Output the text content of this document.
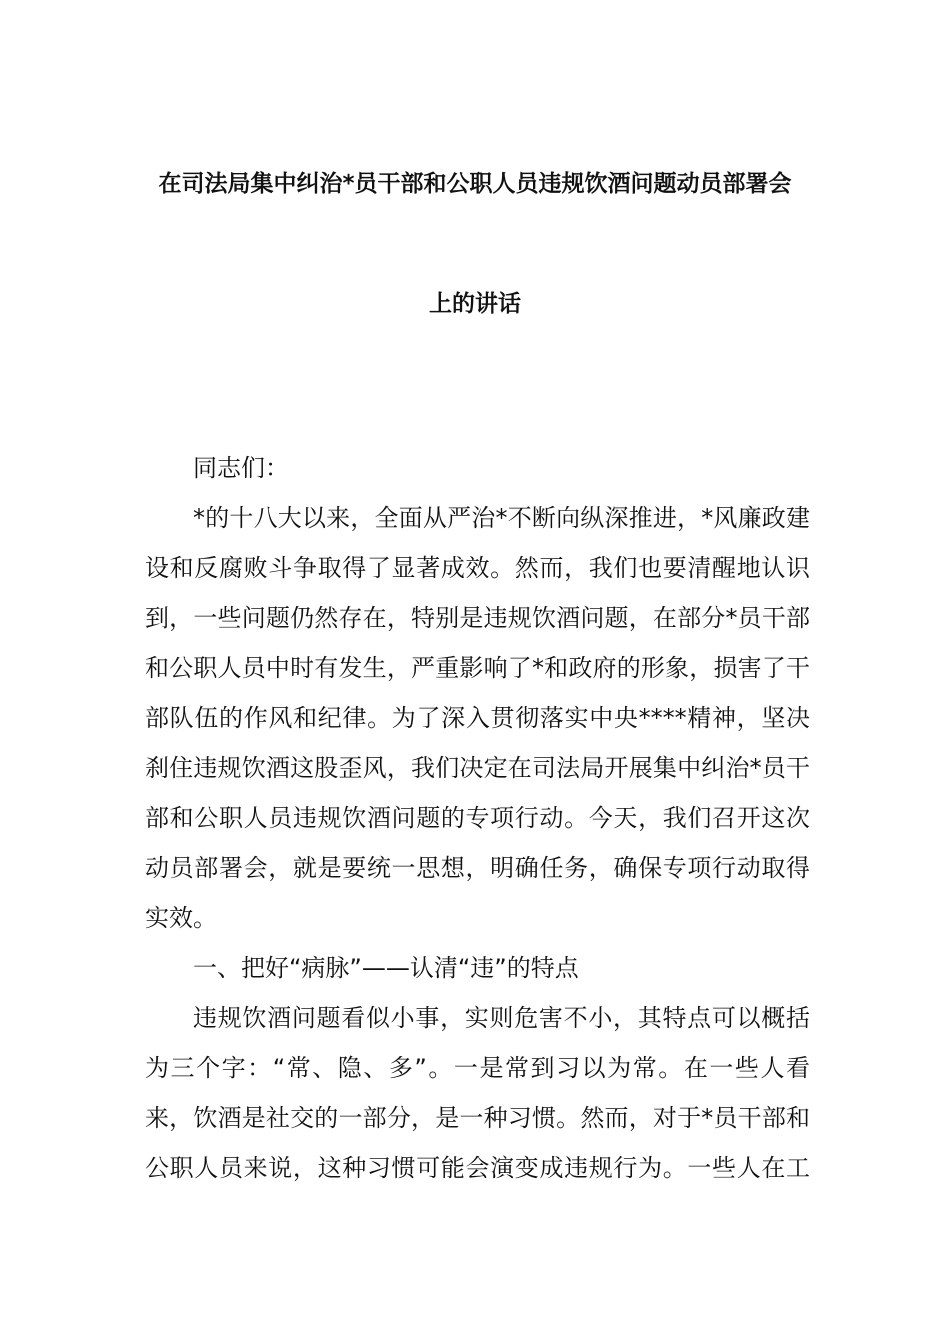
在司法局集中纠治*员干部和公职人员违规饮酒问题动员部署会
上的讲话
同志们：
*的十八大以来，全面从严治*不断向纵深推进，*风廉政建
设和反腐败斗争取得了显著成效。然而，我们也要清醒地认识
到，一些问题仍然存在，特别是违规饮酒问题，在部分*员干部
和公职人员中时有发生，严重影响了*和政府的形象，损害了干
部队伍的作风和纪律。为了深入贯彻落实中央****精神，坚决
刹住违规饮酒这股歪风，我们决定在司法局开展集中纠治*员干
部和公职人员违规饮酒问题的专项行动。今天，我们召开这次
动员部署会，就是要统一思想，明确任务，确保专项行动取得
实效。
一、把好“病脉”——认清“违”的特点
违规饮酒问题看似小事，实则危害不小，其特点可以概括
为三个字：“常、隐、多”。一是常到习以为常。在一些人看
来，饮酒是社交的一部分，是一种习惯。然而，对于*员干部和
公职人员来说，这种习惯可能会演变成违规行为。一些人在工
